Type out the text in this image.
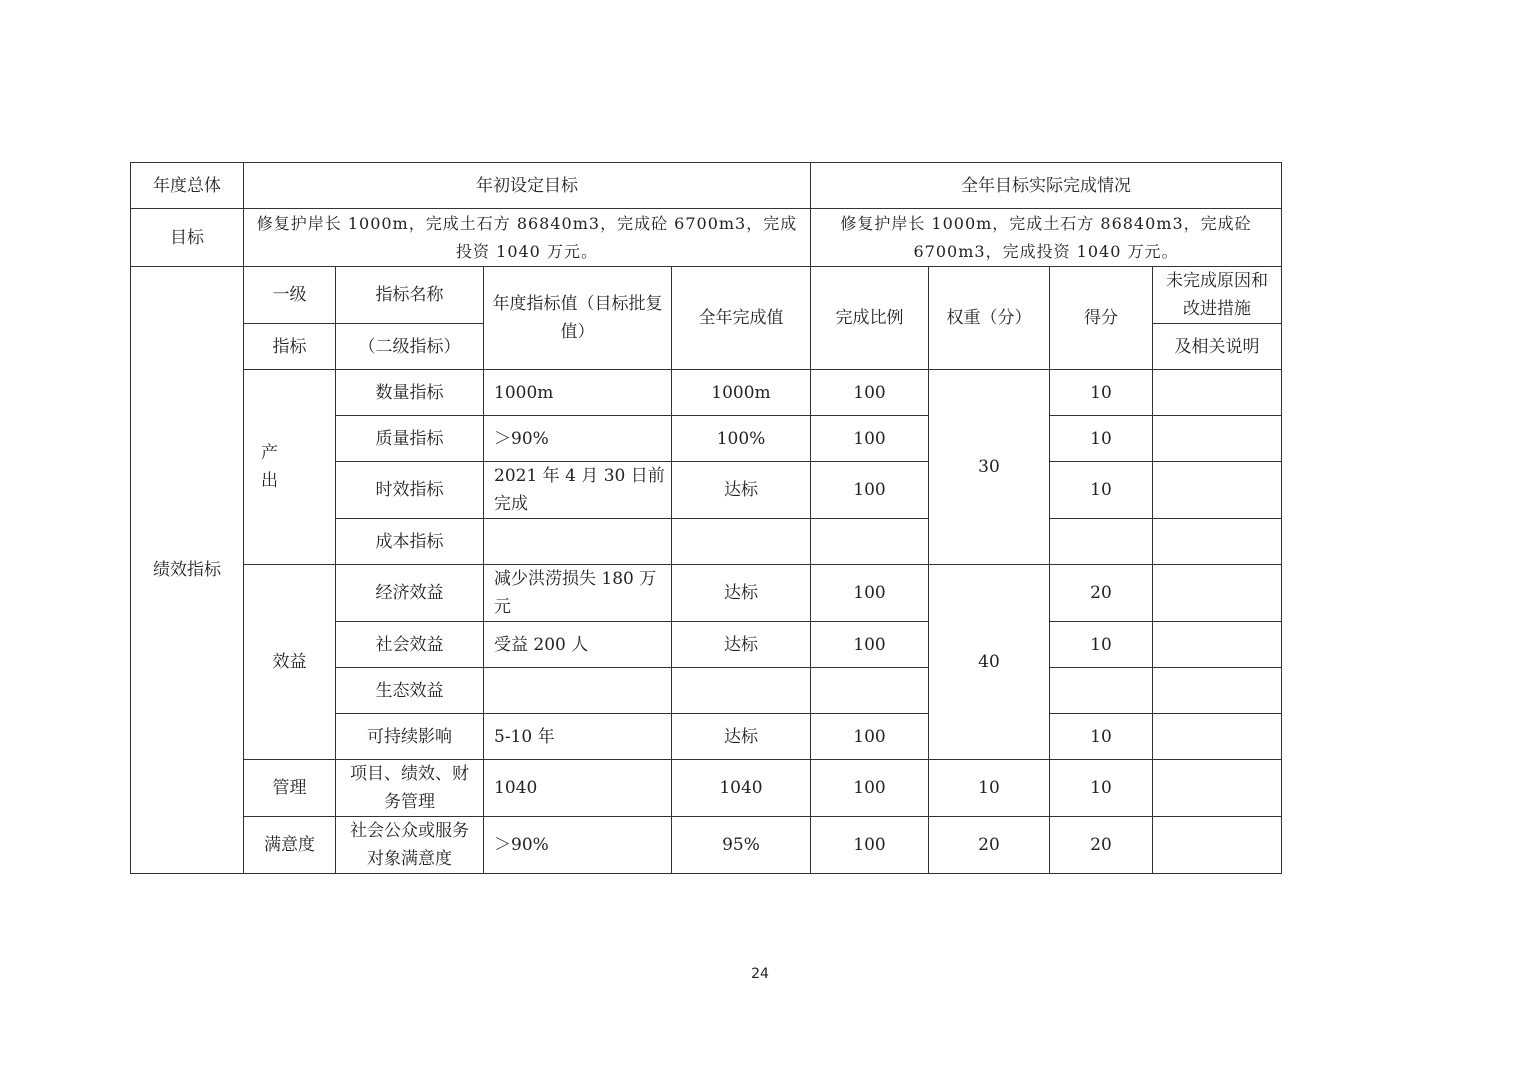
年度总体	年初设定目标				全年目标实际完成情况			
目标	修复护岸长 1000m，完成土石方 86840m3，完成砼 6700m3，完成投资 1040 万元。				修复护岸长 1000m，完成土石方 86840m3，完成砼 6700m3，完成投资 1040 万元。			
绩效指标	一级	指标名称	年度指标值（目标批复值）	全年完成值	完成比例	权重（分）	得分	未完成原因和改进措施
	指标	（二级指标）						及相关说明
	产　出	数量指标	1000m	1000m	100	30	10	
		质量指标	＞90%	100%	100		10	
		时效指标	2021 年 4 月 30 日前完成	达标	100		10	
		成本指标						
	效益	经济效益	减少洪涝损失 180 万元	达标	100	40	20	
		社会效益	受益 200 人	达标	100		10	
		生态效益						
		可持续影响	5-10 年	达标	100		10	
	管理	项目、绩效、财务管理	1040	1040	100	10	10	
	满意度	社会公众或服务对象满意度	＞90%	95%	100	20	20	
24
